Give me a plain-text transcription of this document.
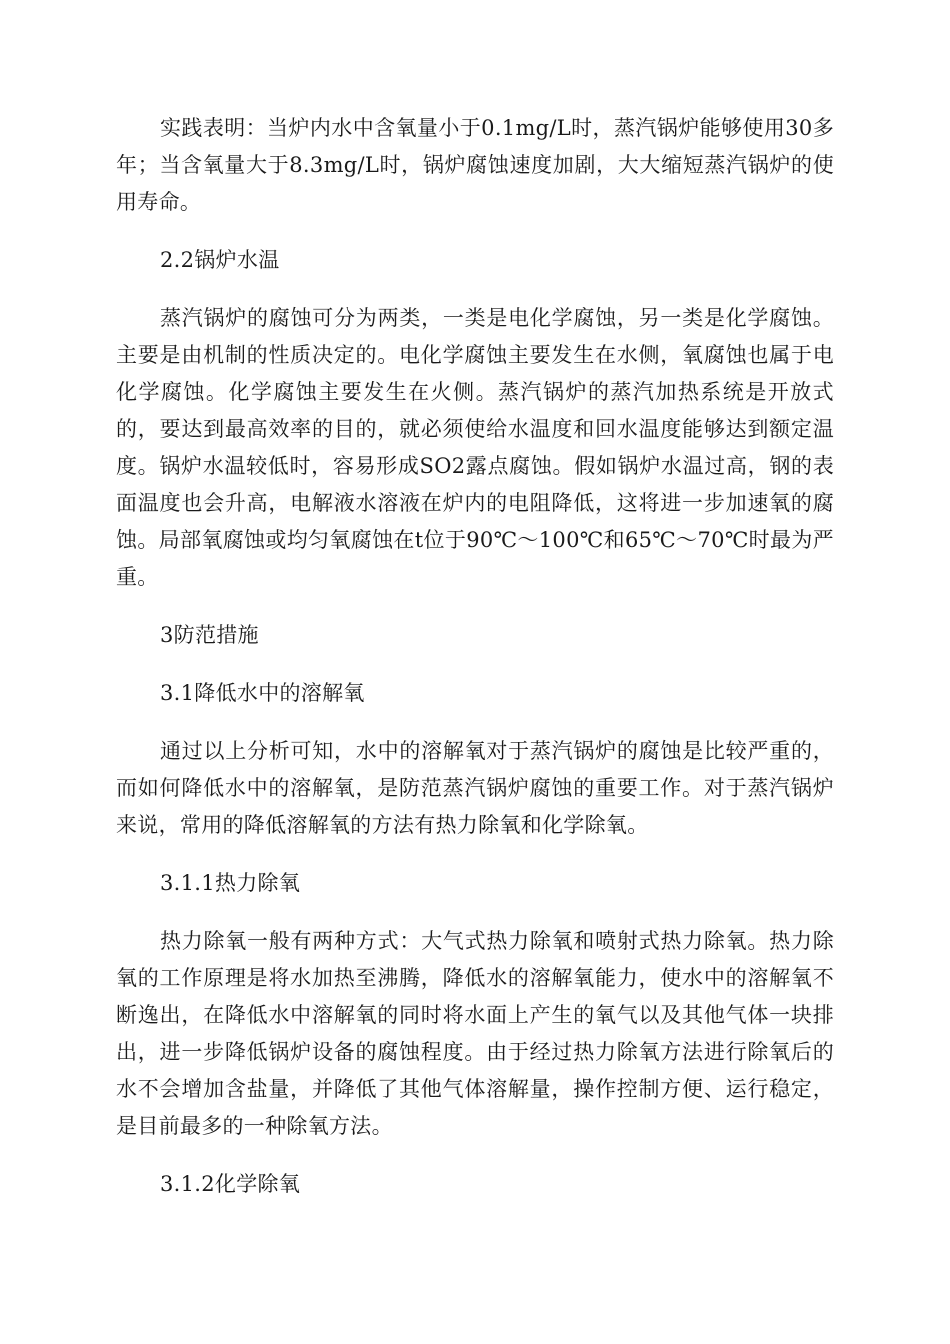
实践表明：当炉内水中含氧量小于0.1mg/L时，蒸汽锅炉能够使用30多年；当含氧量大于8.3mg/L时，锅炉腐蚀速度加剧，大大缩短蒸汽锅炉的使用寿命。

2.2锅炉水温

蒸汽锅炉的腐蚀可分为两类，一类是电化学腐蚀，另一类是化学腐蚀。主要是由机制的性质决定的。电化学腐蚀主要发生在水侧，氧腐蚀也属于电化学腐蚀。化学腐蚀主要发生在火侧。蒸汽锅炉的蒸汽加热系统是开放式的，要达到最高效率的目的，就必须使给水温度和回水温度能够达到额定温度。锅炉水温较低时，容易形成SO2露点腐蚀。假如锅炉水温过高，钢的表面温度也会升高，电解液水溶液在炉内的电阻降低，这将进一步加速氧的腐蚀。局部氧腐蚀或均匀氧腐蚀在t位于90℃～100℃和65℃～70℃时最为严重。

3防范措施

3.1降低水中的溶解氧

通过以上分析可知，水中的溶解氧对于蒸汽锅炉的腐蚀是比较严重的，而如何降低水中的溶解氧，是防范蒸汽锅炉腐蚀的重要工作。对于蒸汽锅炉来说，常用的降低溶解氧的方法有热力除氧和化学除氧。

3.1.1热力除氧

热力除氧一般有两种方式：大气式热力除氧和喷射式热力除氧。热力除氧的工作原理是将水加热至沸腾，降低水的溶解氧能力，使水中的溶解氧不断逸出，在降低水中溶解氧的同时将水面上产生的氧气以及其他气体一块排出，进一步降低锅炉设备的腐蚀程度。由于经过热力除氧方法进行除氧后的水不会增加含盐量，并降低了其他气体溶解量，操作控制方便、运行稳定，是目前最多的一种除氧方法。

3.1.2化学除氧
